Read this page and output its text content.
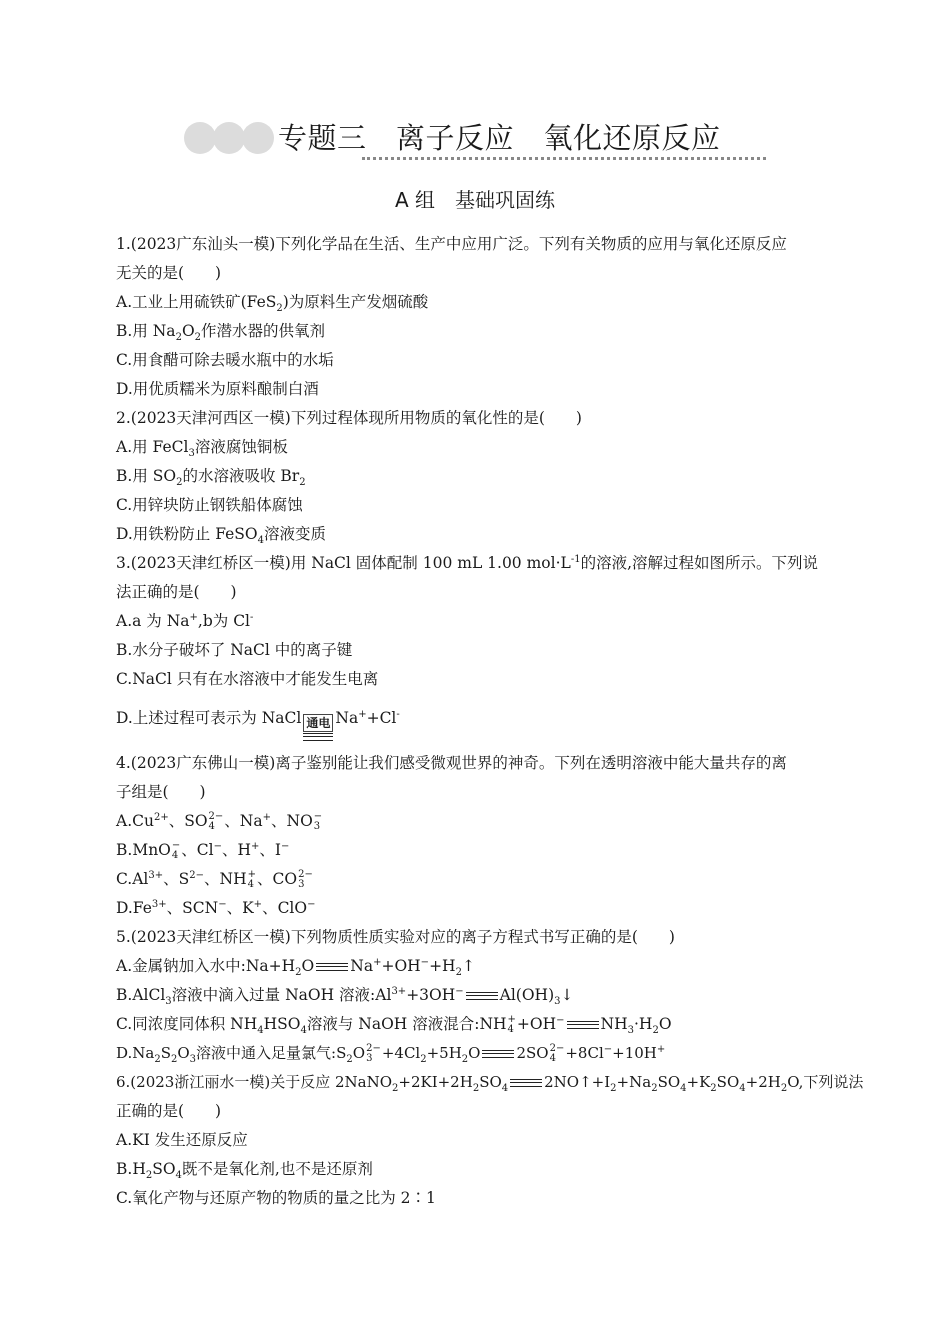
专题三　离子反应　氧化还原反应
A 组　基础巩固练
1.(2023广东汕头一模)下列化学品在生活、生产中应用广泛。下列有关物质的应用与氧化还原反应
无关的是(　　)
A.工业上用硫铁矿(FeS$_2$)为原料生产发烟硫酸
B.用 $Na_2O_2$作潜水器的供氧剂
C.用食醋可除去暖水瓶中的水垢
D.用优质糯米为原料酿制白酒
2.(2023天津河西区一模)下列过程体现所用物质的氧化性的是(　　)
A.用 FeCl$_3$溶液腐蚀铜板
B.用 $SO_2$的水溶液吸收 $Br_2$
C.用锌块防止钢铁船体腐蚀
D.用铁粉防止 FeSO$_4$溶液变质
3.(2023天津红桥区一模)用 NaCl 固体配制 100 mL 1.00 $mol\cdot L^{-1}$的溶液,溶解过程如图所示。下列说
法正确的是(　　)
A.a 为 Na+,b为 Cl-
B.水分子破坏了 NaCl 中的离子键
C.NaCl 只有在水溶液中才能发生电离
D.上述过程可表示为 NaCl 通电 Na++Cl-
4.(2023广东佛山一模)离子鉴别能让我们感受微观世界的神奇。下列在透明溶液中能大量共存的离
子组是(　　)
$A.Cu^{2+}$、SO 2−
4 、Na+、NO −
3
B.MnO −
4 、Cl−、H+、I−
$C.Al^{3+}$、$S^{2-}$、NH +
4 、CO 2−
3
$D.Fe^{3+}$、SCN−、K+、ClO−
5.(2023天津红桥区一模)下列物质性质实验对应的离子方程式书写正确的是(　　)
A.金属钠加入水中$:Na+H_2O$ $Na^++OH^-+H_2↑$
B.AlCl$_3$溶液中滴入过量 NaOH 溶液$:Al^{3+}+3OH^-$ $Al(OH)_3↓$
C.同浓度同体积 $NH_4HSO_4$溶液与 NaOH 溶液混合:NH +
4 +OH− $NH_3\cdot H_2O$
$D.Na_2S_2O_3$溶液中通入足量氯气$:S_2O$ 2−
$3 +4Cl_2+5H_2O$ 2SO 2−
4 +8Cl−+10H+
6.(2023浙江丽水一模)关于反应 $2NaNO_2+2KI+2H_2SO_4$ $2NO↑+I_2+Na_2SO_4+K_2SO_4+2H_2O$,下列说法
正确的是(　　)
A.KI 发生还原反应
$B.H_2SO_4$既不是氧化剂,也不是还原剂
C.氧化产物与还原产物的物质的量之比为 2∶1
